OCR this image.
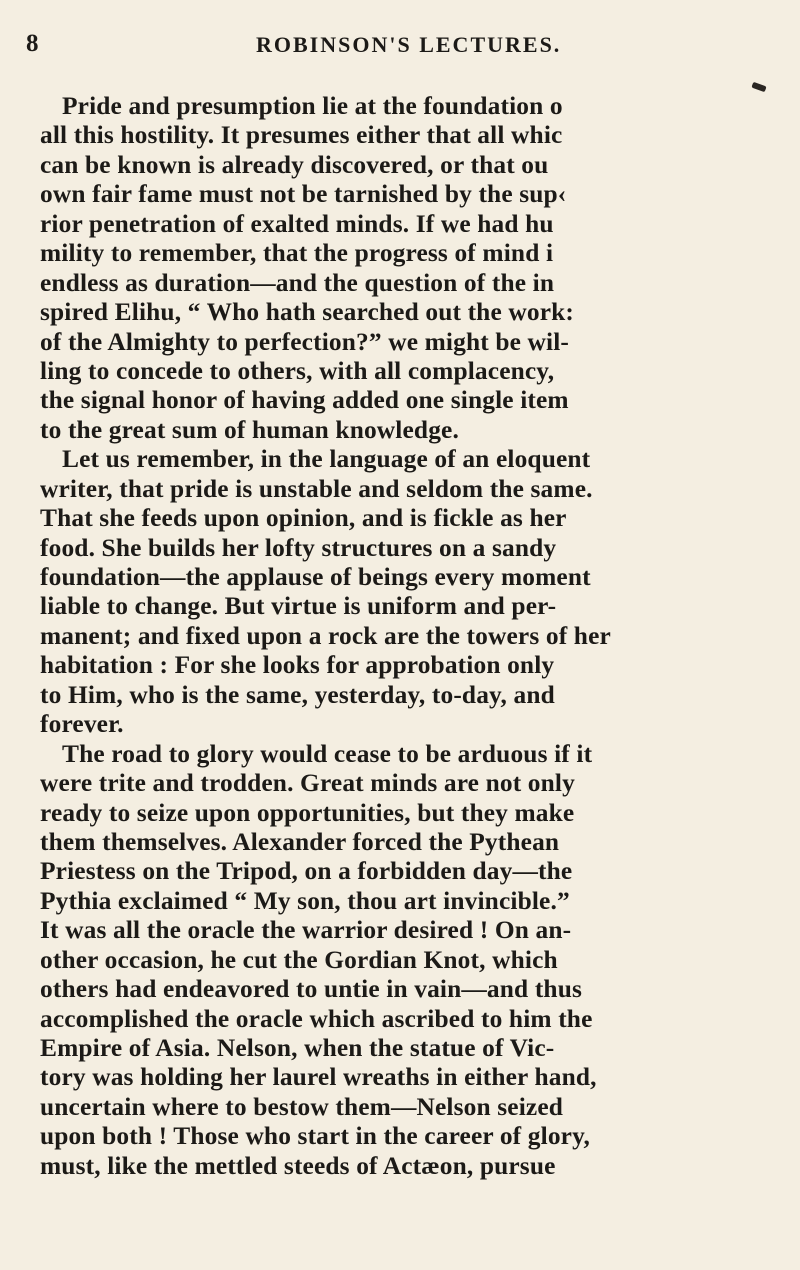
8	ROBINSON'S LECTURES.
Pride and presumption lie at the foundation o
all this hostility. It presumes either that all whic
can be known is already discovered, or that ou
own fair fame must not be tarnished by the sup‹
rior penetration of exalted minds. If we had hu
mility to remember, that the progress of mind i
endless as duration—and the question of the in
spired Elihu, “ Who hath searched out the work:
of the Almighty to perfection?” we might be wil-
ling to concede to others, with all complacency,
the signal honor of having added one single item
to the great sum of human knowledge.
Let us remember, in the language of an eloquent
writer, that pride is unstable and seldom the same.
That she feeds upon opinion, and is fickle as her
food. She builds her lofty structures on a sandy
foundation—the applause of beings every moment
liable to change. But virtue is uniform and per-
manent; and fixed upon a rock are the towers of her
habitation : For she looks for approbation only
to Him, who is the same, yesterday, to-day, and
forever.
The road to glory would cease to be arduous if it
were trite and trodden. Great minds are not only
ready to seize upon opportunities, but they make
them themselves. Alexander forced the Pythean
Priestess on the Tripod, on a forbidden day—the
Pythia exclaimed “ My son, thou art invincible.”
It was all the oracle the warrior desired ! On an-
other occasion, he cut the Gordian Knot, which
others had endeavored to untie in vain—and thus
accomplished the oracle which ascribed to him the
Empire of Asia. Nelson, when the statue of Vic-
tory was holding her laurel wreaths in either hand,
uncertain where to bestow them—Nelson seized
upon both ! Those who start in the career of glory,
must, like the mettled steeds of Actæon, pursue
